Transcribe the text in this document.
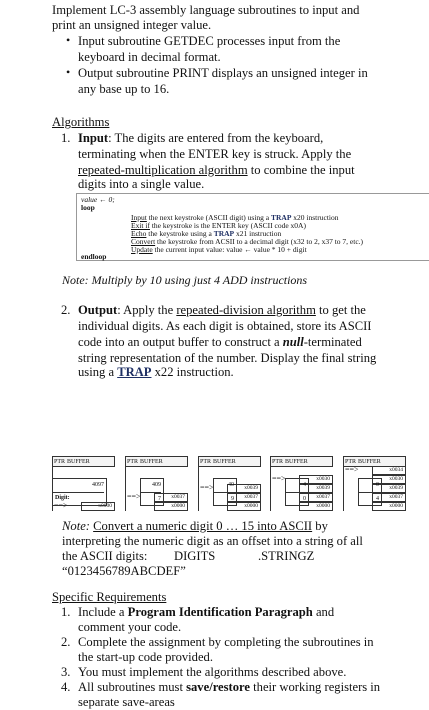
Implement LC-3 assembly language subroutines to input and
print an unsigned integer value.
• Input subroutine GETDEC processes input from the
keyboard in decimal format.
• Output subroutine PRINT displays an unsigned integer in
any base up to 16.
Algorithms
1. Input: The digits are entered from the keyboard,
terminating when the ENTER key is struck. Apply the
repeated-multiplication algorithm to combine the input
digits into a single value.
value ← 0;
loop
Input the next keystroke (ASCII digit) using a TRAP x20 instruction
Exit if the keystroke is the ENTER key (ASCII code x0A)
Echo the keystroke using a TRAP x21 instruction
Convert the keystroke from ACSII to a decimal digit (x32 to 2, x37 to 7, etc.)
Update the current input value: value ← value * 10 + digit
endloop
Note: Multiply by 10 using just 4 ADD instructions
2. Output: Apply the repeated-division algorithm to get the
individual digits. As each digit is obtained, store its ASCII
code into an output buffer to construct a null-terminated
string representation of the number. Display the final string
using a TRAP x22 instruction.
PTR BUFFER
x0000
==>
PTR BUFFER
x0037
x0000
==>
PTR BUFFER
x0039
x0037
x0000
==>
PTR BUFFER
x0030
x0039
x0037
x0000
==>
PTR BUFFER
x0034
x0030
x0039
x0037
x0000
==>
Note: Convert a numeric digit 0 … 15 into ASCII by
interpreting the numeric digit as an offset into a string of all
the ASCII digits: DIGITS	.STRINGZ
“0123456789ABCDEF”
Specific Requirements
1. Include a Program Identification Paragraph and
comment your code.
2. Complete the assignment by completing the subroutines in
the start-up code provided.
3. You must implement the algorithms described above.
4. All subroutines must save/restore their working registers in
separate save-areas
4097
Digit:
409
7
40
9
4
0
0
4
